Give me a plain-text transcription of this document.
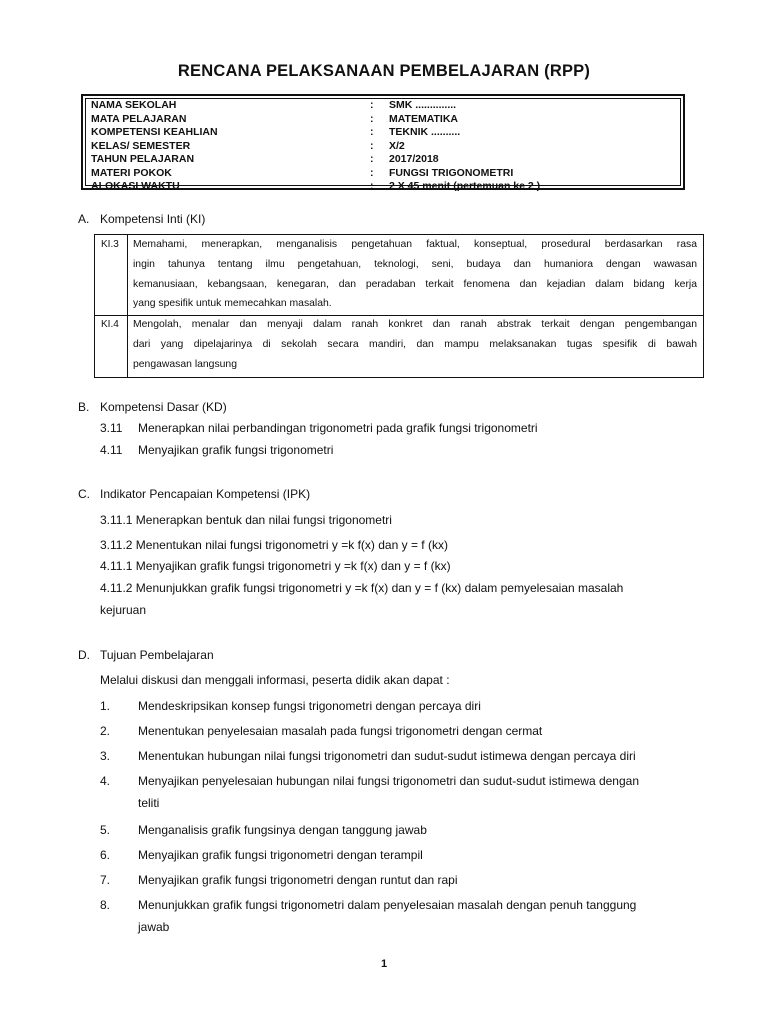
RENCANA PELAKSANAAN PEMBELAJARAN (RPP)
NAMA SEKOLAH	: SMK ..............
MATA PELAJARAN	: MATEMATIKA
KOMPETENSI KEAHLIAN	: TEKNIK ..........
KELAS/ SEMESTER	: X/2
TAHUN PELAJARAN	: 2017/2018
MATERI POKOK	: FUNGSI TRIGONOMETRI
ALOKASI WAKTU	: 2 X 45 menit (pertemuan ke 2 )
A. Kompetensi Inti (KI)
KI.3 Memahami, menerapkan, menganalisis pengetahuan faktual, konseptual, prosedural berdasarkan rasa
ingin tahunya tentang ilmu pengetahuan, teknologi, seni, budaya dan humaniora dengan wawasan
kemanusiaan, kebangsaan, kenegaran, dan peradaban terkait fenomena dan kejadian dalam bidang kerja
yang spesifik untuk memecahkan masalah.
KI.4 Mengolah, menalar dan menyaji dalam ranah konkret dan ranah abstrak terkait dengan pengembangan
dari yang dipelajarinya di sekolah secara mandiri, dan mampu melaksanakan tugas spesifik di bawah
pengawasan langsung
B. Kompetensi Dasar (KD)
3.11 Menerapkan nilai perbandingan trigonometri pada grafik fungsi trigonometri
4.11 Menyajikan grafik fungsi trigonometri
C. Indikator Pencapaian Kompetensi (IPK)
3.11.1 Menerapkan bentuk dan nilai fungsi trigonometri
3.11.2 Menentukan nilai fungsi trigonometri y =k f(x) dan y = f (kx)
4.11.1 Menyajikan grafik fungsi trigonometri y =k f(x) dan y = f (kx)
4.11.2 Menunjukkan grafik fungsi trigonometri y =k f(x) dan y = f (kx) dalam pemyelesaian masalah
kejuruan
D. Tujuan Pembelajaran
Melalui diskusi dan menggali informasi, peserta didik akan dapat :
1. Mendeskripsikan konsep fungsi trigonometri dengan percaya diri
2. Menentukan penyelesaian masalah pada fungsi trigonometri dengan cermat
3. Menentukan hubungan nilai fungsi trigonometri dan sudut-sudut istimewa dengan percaya diri
4. Menyajikan penyelesaian hubungan nilai fungsi trigonometri dan sudut-sudut istimewa dengan
teliti
5. Menganalisis grafik fungsinya dengan tanggung jawab
6. Menyajikan grafik fungsi trigonometri dengan terampil
7. Menyajikan grafik fungsi trigonometri dengan runtut dan rapi
8. Menunjukkan grafik fungsi trigonometri dalam penyelesaian masalah dengan penuh tanggung
jawab
1
